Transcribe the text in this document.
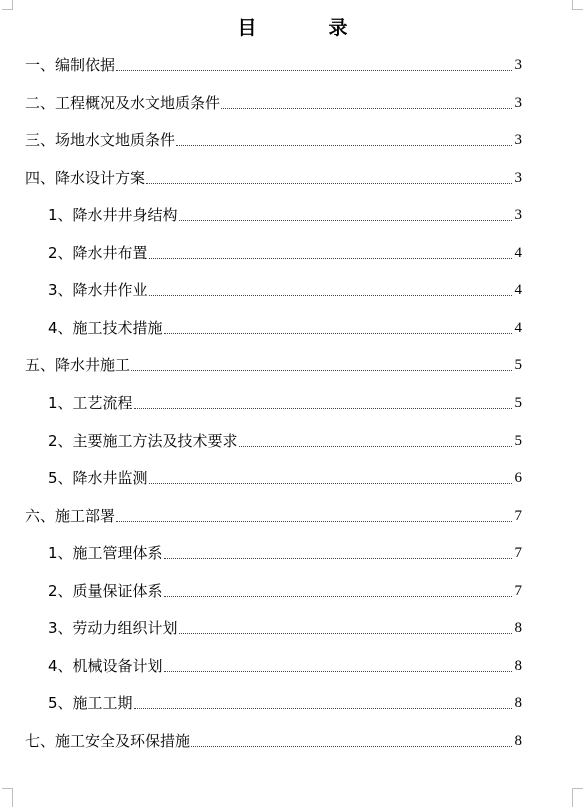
目	录
一、编制依据	3
二、工程概况及水文地质条件	3
三、场地水文地质条件	3
四、降水设计方案	3
1、降水井井身结构	3
2、降水井布置	4
3、降水井作业	4
4、施工技术措施	4
五、降水井施工	5
1、工艺流程	5
2、主要施工方法及技术要求	5
5、降水井监测	6
六、施工部署	7
1、施工管理体系	7
2、质量保证体系	7
3、劳动力组织计划	8
4、机械设备计划	8
5、施工工期	8
七、施工安全及环保措施	8
